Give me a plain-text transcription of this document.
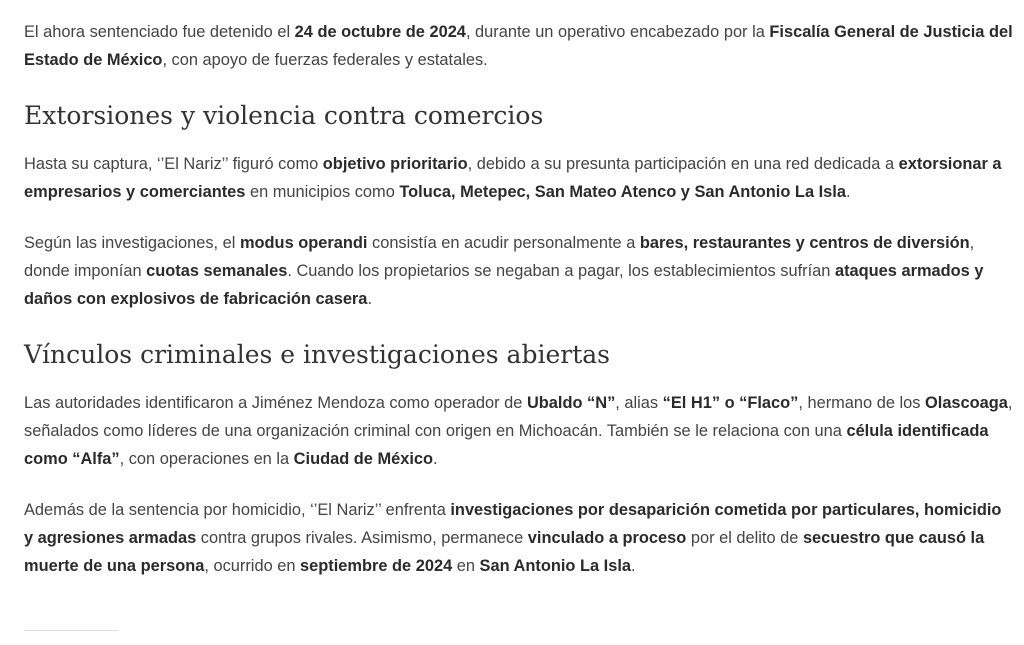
El ahora sentenciado fue detenido el 24 de octubre de 2024, durante un operativo encabezado por la Fiscalía General de Justicia del Estado de México, con apoyo de fuerzas federales y estatales.

Extorsiones y violencia contra comercios

Hasta su captura, ‘’El Nariz’’ figuró como objetivo prioritario, debido a su presunta participación en una red dedicada a extorsionar a empresarios y comerciantes en municipios como Toluca, Metepec, San Mateo Atenco y San Antonio La Isla.

Según las investigaciones, el modus operandi consistía en acudir personalmente a bares, restaurantes y centros de diversión, donde imponían cuotas semanales. Cuando los propietarios se negaban a pagar, los establecimientos sufrían ataques armados y daños con explosivos de fabricación casera.

Vínculos criminales e investigaciones abiertas

Las autoridades identificaron a Jiménez Mendoza como operador de Ubaldo “N”, alias “El H1” o “Flaco”, hermano de los Olascoaga, señalados como líderes de una organización criminal con origen en Michoacán. También se le relaciona con una célula identificada como “Alfa”, con operaciones en la Ciudad de México.

Además de la sentencia por homicidio, ‘’El Nariz’’ enfrenta investigaciones por desaparición cometida por particulares, homicidio y agresiones armadas contra grupos rivales. Asimismo, permanece vinculado a proceso por el delito de secuestro que causó la muerte de una persona, ocurrido en septiembre de 2024 en San Antonio La Isla.
